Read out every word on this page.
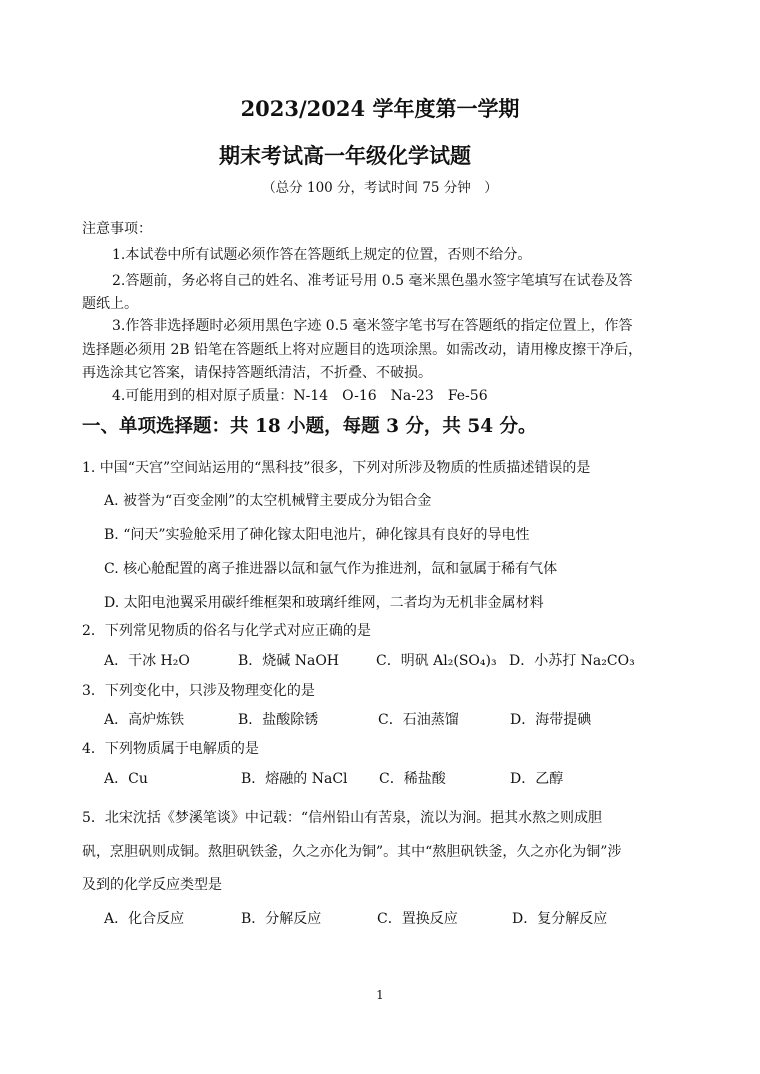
2023/2024 学年度第一学期
期末考试高一年级化学试题
（总分 100 分，考试时间 75 分钟　）
注意事项：
1.本试卷中所有试题必须作答在答题纸上规定的位置，否则不给分。
2.答题前，务必将自己的姓名、准考证号用 0.5 毫米黑色墨水签字笔填写在试卷及答
题纸上。
3.作答非选择题时必须用黑色字迹 0.5 毫米签字笔书写在答题纸的指定位置上，作答
选择题必须用 2B 铅笔在答题纸上将对应题目的选项涂黑。如需改动，请用橡皮擦干净后，
再选涂其它答案，请保持答题纸清洁，不折叠、不破损。
4.可能用到的相对原子质量：N-14　O-16　Na-23　Fe-56
一、单项选择题：共 18 小题，每题 3 分，共 54 分。
1. 中国“天宫”空间站运用的“黑科技”很多，下列对所涉及物质的性质描述错误的是
A. 被誉为“百变金刚”的太空机械臂主要成分为铝合金
B. “问天”实验舱采用了砷化镓太阳电池片，砷化镓具有良好的导电性
C. 核心舱配置的离子推进器以氙和氩气作为推进剂，氙和氩属于稀有气体
D. 太阳电池翼采用碳纤维框架和玻璃纤维网，二者均为无机非金属材料
2．下列常见物质的俗名与化学式对应正确的是
A．干冰 H₂O	B．烧碱 NaOH	C．明矾 Al₂(SO₄)₃ D．小苏打 Na₂CO₃
3．下列变化中，只涉及物理变化的是
A．高炉炼铁	B．盐酸除锈	C．石油蒸馏	D．海带提碘
4．下列物质属于电解质的是
A．Cu	B．熔融的 NaCl	C．稀盐酸	D．乙醇
5．北宋沈括《梦溪笔谈》中记载：“信州铅山有苦泉，流以为涧。挹其水熬之则成胆
矾，烹胆矾则成铜。熬胆矾铁釜，久之亦化为铜”。其中“熬胆矾铁釜，久之亦化为铜”涉
及到的化学反应类型是
A．化合反应	B．分解反应	C．置换反应	D．复分解反应
1
